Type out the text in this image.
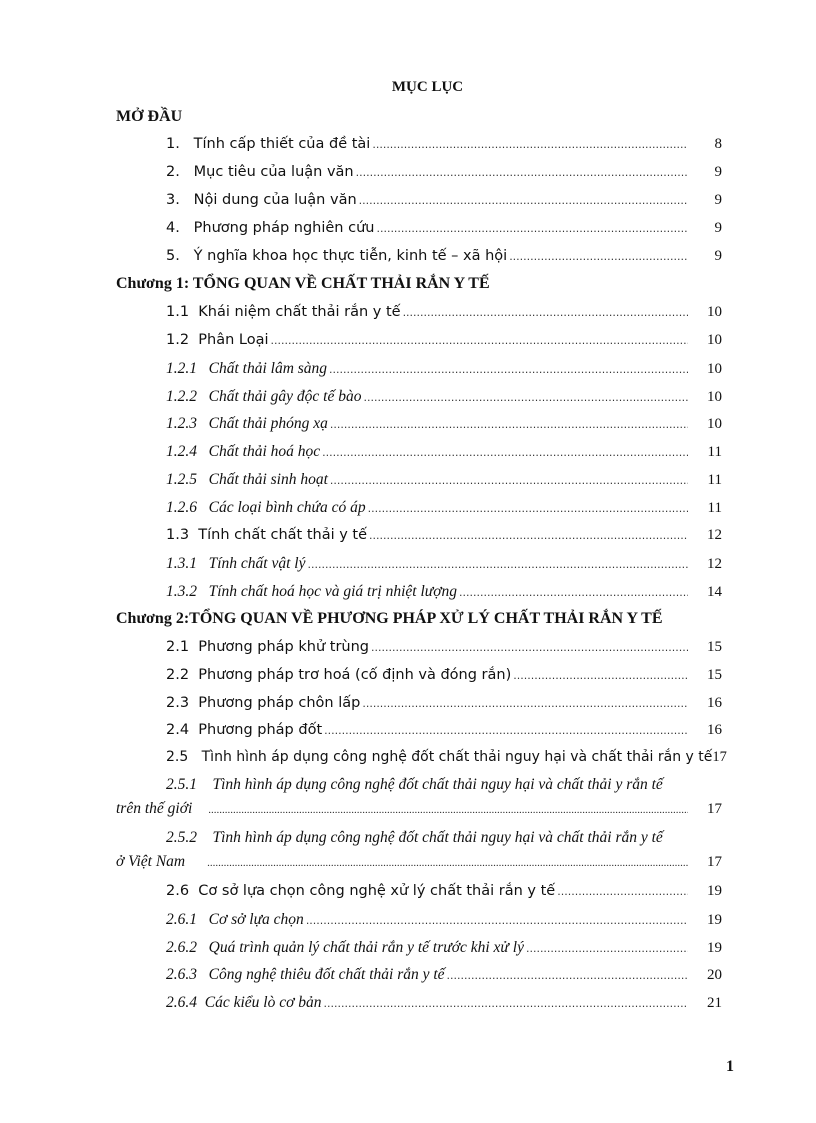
MỤC LỤC
MỞ ĐẦU
1.
Tính cấp thiết của đề tài .....	8
2.
Mục tiêu của luận văn .....	9
3.
Nội dung của luận văn .....	9
4.
Phương pháp nghiên cứu .....	9
5.
Ý nghĩa khoa học thực tiễn, kinh tế – xã hội .....	9
Chương 1: TỔNG QUAN VỀ CHẤT THẢI RẮN Y TẾ
1.1
Khái niệm chất thải rắn y tế .....	10
1.2
Phân Loại .....	10
1.2.1
Chất thải lâm sàng .....	10
1.2.2
Chất thải gây độc tế bào .....	10
1.2.3
Chất thải phóng xạ .....	10
1.2.4
Chất thải hoá học .....	11
1.2.5
Chất thải sinh hoạt .....	11
1.2.6
Các loại bình chứa có áp .....	11
1.3
Tính chất chất thải y tế .....	12
1.3.1
Tính chất vật lý .....	12
1.3.2
Tính chất hoá học và giá trị nhiệt lượng .....	14
Chương 2:TỔNG QUAN VỀ PHƯƠNG PHÁP XỬ LÝ CHẤT THẢI RẮN Y TẾ
2.1
Phương pháp khử trùng .....	15
2.2
Phương pháp trơ hoá (cố định và đóng rắn) .....	15
2.3
Phương pháp chôn lấp .....	16
2.4
Phương pháp đốt .....	16
2.5
Tình hình áp dụng công nghệ đốt chất thải nguy hại và chất thải rắn y tế 17
2.5.1 Tình hình áp dụng công nghệ đốt chất thải nguy hại và chất thải y rắn tế
trên thế giới .....	17
2.5.2 Tình hình áp dụng công nghệ đốt chất thải nguy hại và chất thải rắn y tế
ở Việt Nam .....	17
2.6
Cơ sở lựa chọn công nghệ xử lý chất thải rắn y tế .....	19
2.6.1
Cơ sở lựa chọn .....	19
2.6.2
Quá trình quản lý chất thải rắn y tế trước khi xử lý .....	19
2.6.3
Công nghệ thiêu đốt chất thải rắn y tế .....	20
2.6.4
Các kiểu lò cơ bản .....	21
1
